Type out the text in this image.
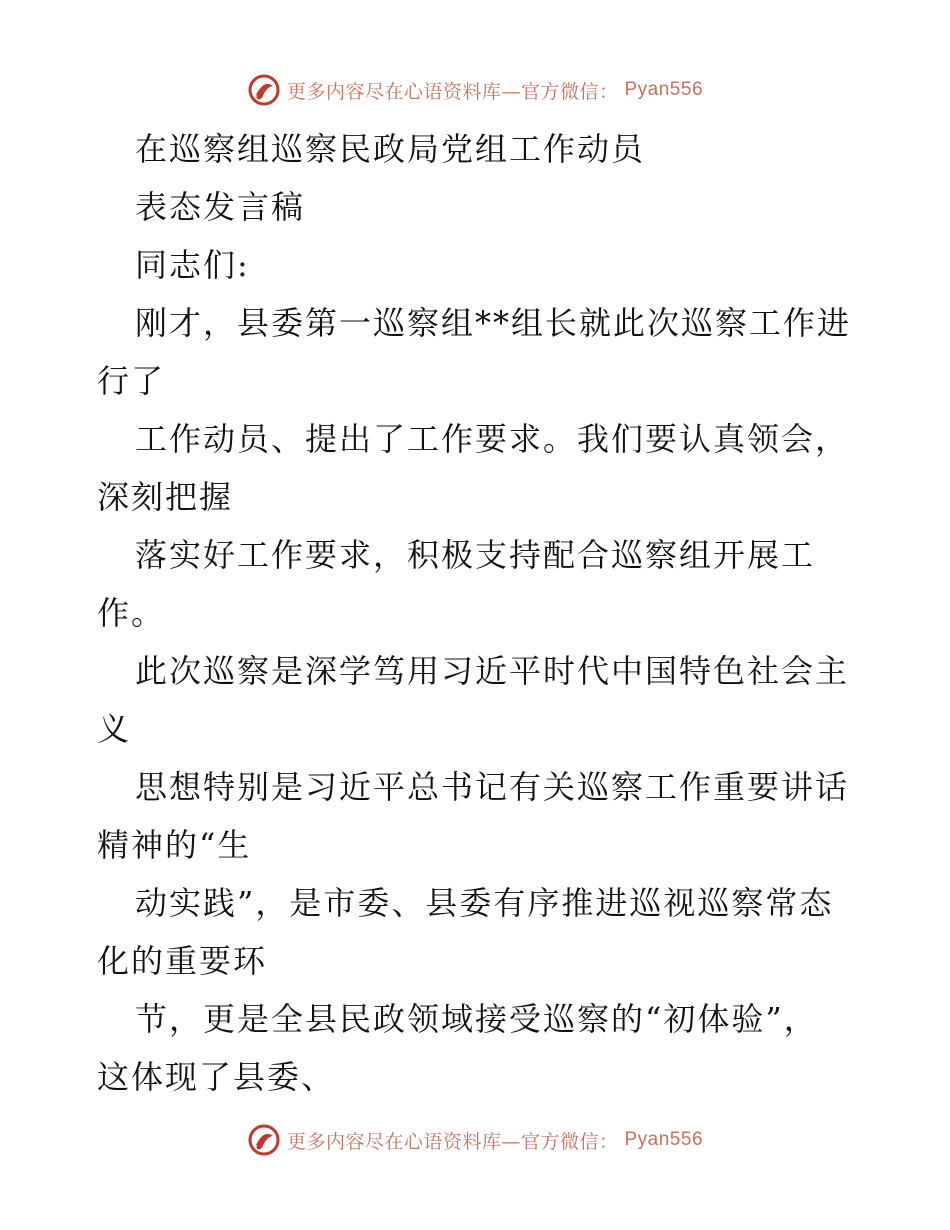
更多内容尽在心语资料库—官方微信： Pyan556

在巡察组巡察民政局党组工作动员

表态发言稿

同志们:

刚才，县委第一巡察组**组长就此次巡察工作进

行了

工作动员、提出了工作要求。我们要认真领会，

深刻把握

落实好工作要求，积极支持配合巡察组开展工

作。

此次巡察是深学笃用习近平时代中国特色社会主

义

思想特别是习近平总书记有关巡察工作重要讲话

精神的“生

动实践”，是市委、县委有序推进巡视巡察常态

化的重要环

节，更是全县民政领域接受巡察的“初体验”，

这体现了县委、

更多内容尽在心语资料库—官方微信： Pyan556
